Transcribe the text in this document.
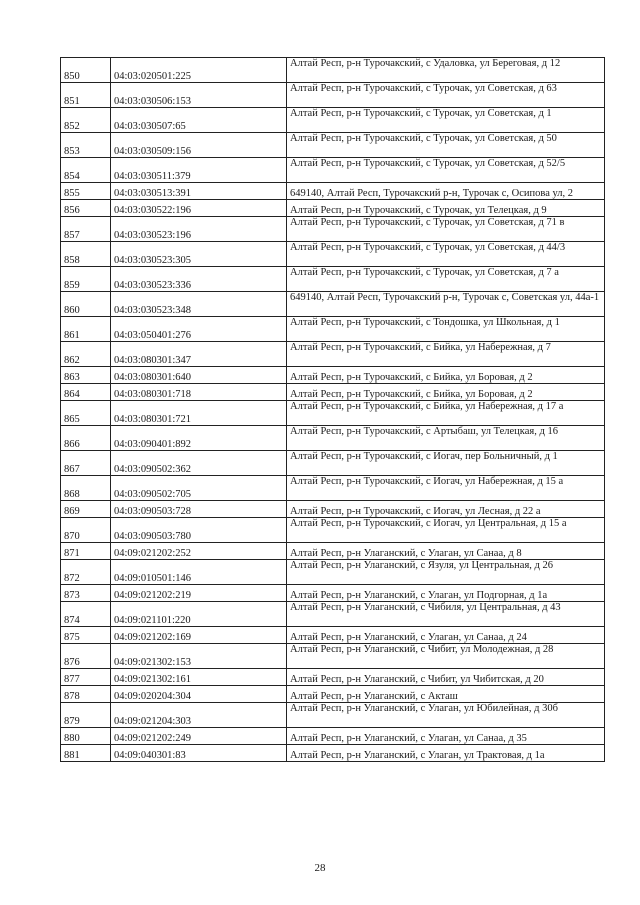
850	04:03:020501:225	Алтай Респ, р-н Турочакский, с Удаловка, ул Береговая, д 12
851	04:03:030506:153	Алтай Респ, р-н Турочакский, с Турочак, ул Советская, д 63
852	04:03:030507:65	Алтай Респ, р-н Турочакский, с Турочак, ул Советская, д 1
853	04:03:030509:156	Алтай Респ, р-н Турочакский, с Турочак, ул Советская, д 50
854	04:03:030511:379	Алтай Респ, р-н Турочакский, с Турочак, ул Советская, д 52/5
855	04:03:030513:391	649140, Алтай Респ, Турочакский р-н, Турочак с, Осипова ул, 2
856	04:03:030522:196	Алтай Респ, р-н Турочакский, с Турочак, ул Телецкая, д 9
857	04:03:030523:196	Алтай Респ, р-н Турочакский, с Турочак, ул Советская, д 71 в
858	04:03:030523:305	Алтай Респ, р-н Турочакский, с Турочак, ул Советская, д 44/3
859	04:03:030523:336	Алтай Респ, р-н Турочакский, с Турочак, ул Советская, д 7 а
860	04:03:030523:348	649140, Алтай Респ, Турочакский р-н, Турочак с, Советская ул, 44а-1
861	04:03:050401:276	Алтай Респ, р-н Турочакский, с Тондошка, ул Школьная, д 1
862	04:03:080301:347	Алтай Респ, р-н Турочакский, с Бийка, ул Набережная, д 7
863	04:03:080301:640	Алтай Респ, р-н Турочакский, с Бийка, ул Боровая, д 2
864	04:03:080301:718	Алтай Респ, р-н Турочакский, с Бийка, ул Боровая, д 2
865	04:03:080301:721	Алтай Респ, р-н Турочакский, с Бийка, ул Набережная, д 17 а
866	04:03:090401:892	Алтай Респ, р-н Турочакский, с Артыбаш, ул Телецкая, д 16
867	04:03:090502:362	Алтай Респ, р-н Турочакский, с Иогач, пер Больничный, д 1
868	04:03:090502:705	Алтай Респ, р-н Турочакский, с Иогач, ул Набережная, д 15 а
869	04:03:090503:728	Алтай Респ, р-н Турочакский, с Иогач, ул Лесная, д 22 а
870	04:03:090503:780	Алтай Респ, р-н Турочакский, с Иогач, ул Центральная, д 15 а
871	04:09:021202:252	Алтай Респ, р-н Улаганский, с Улаган, ул Санаа, д 8
872	04:09:010501:146	Алтай Респ, р-н Улаганский, с Язуля, ул Центральная, д 26
873	04:09:021202:219	Алтай Респ, р-н Улаганский, с Улаган, ул Подгорная, д 1а
874	04:09:021101:220	Алтай Респ, р-н Улаганский, с Чибиля, ул Центральная, д 43
875	04:09:021202:169	Алтай Респ, р-н Улаганский, с Улаган, ул Санаа, д 24
876	04:09:021302:153	Алтай Респ, р-н Улаганский, с Чибит, ул Молодежная, д 28
877	04:09:021302:161	Алтай Респ, р-н Улаганский, с Чибит, ул Чибитская, д 20
878	04:09:020204:304	Алтай Респ, р-н Улаганский, с Акташ
879	04:09:021204:303	Алтай Респ, р-н Улаганский, с Улаган, ул Юбилейная, д 30б
880	04:09:021202:249	Алтай Респ, р-н Улаганский, с Улаган, ул Санаа, д 35
881	04:09:040301:83	Алтай Респ, р-н Улаганский, с Улаган, ул Трактовая, д 1а
28
